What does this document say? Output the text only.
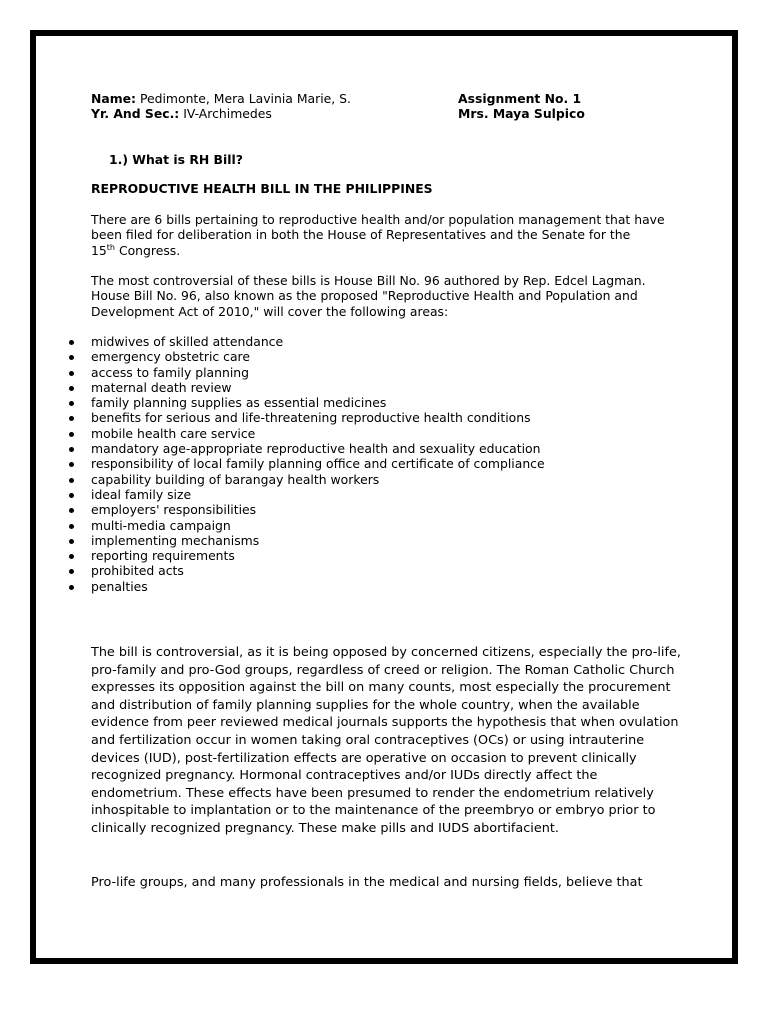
Name: Pedimonte, Mera Lavinia Marie, S.	Assignment No. 1
Yr. And Sec.: IV-Archimedes	Mrs. Maya Sulpico
1.) What is RH Bill?
REPRODUCTIVE HEALTH BILL IN THE PHILIPPINES
There are 6 bills pertaining to reproductive health and/or population management that have
been filed for deliberation in both the House of Representatives and the Senate for the
15th Congress.
The most controversial of these bills is House Bill No. 96 authored by Rep. Edcel Lagman.
House Bill No. 96, also known as the proposed "Reproductive Health and Population and
Development Act of 2010," will cover the following areas:
midwives of skilled attendance
emergency obstetric care
access to family planning
maternal death review
family planning supplies as essential medicines
benefits for serious and life-threatening reproductive health conditions
mobile health care service
mandatory age-appropriate reproductive health and sexuality education
responsibility of local family planning office and certificate of compliance
capability building of barangay health workers
ideal family size
employers' responsibilities
multi-media campaign
implementing mechanisms
reporting requirements
prohibited acts
penalties
The bill is controversial, as it is being opposed by concerned citizens, especially the pro-life,
pro-family and pro-God groups, regardless of creed or religion. The Roman Catholic Church
expresses its opposition against the bill on many counts, most especially the procurement
and distribution of family planning supplies for the whole country, when the available
evidence from peer reviewed medical journals supports the hypothesis that when ovulation
and fertilization occur in women taking oral contraceptives (OCs) or using intrauterine
devices (IUD), post-fertilization effects are operative on occasion to prevent clinically
recognized pregnancy. Hormonal contraceptives and/or IUDs directly affect the
endometrium. These effects have been presumed to render the endometrium relatively
inhospitable to implantation or to the maintenance of the preembryo or embryo prior to
clinically recognized pregnancy. These make pills and IUDS abortifacient.
Pro-life groups, and many professionals in the medical and nursing fields, believe that
